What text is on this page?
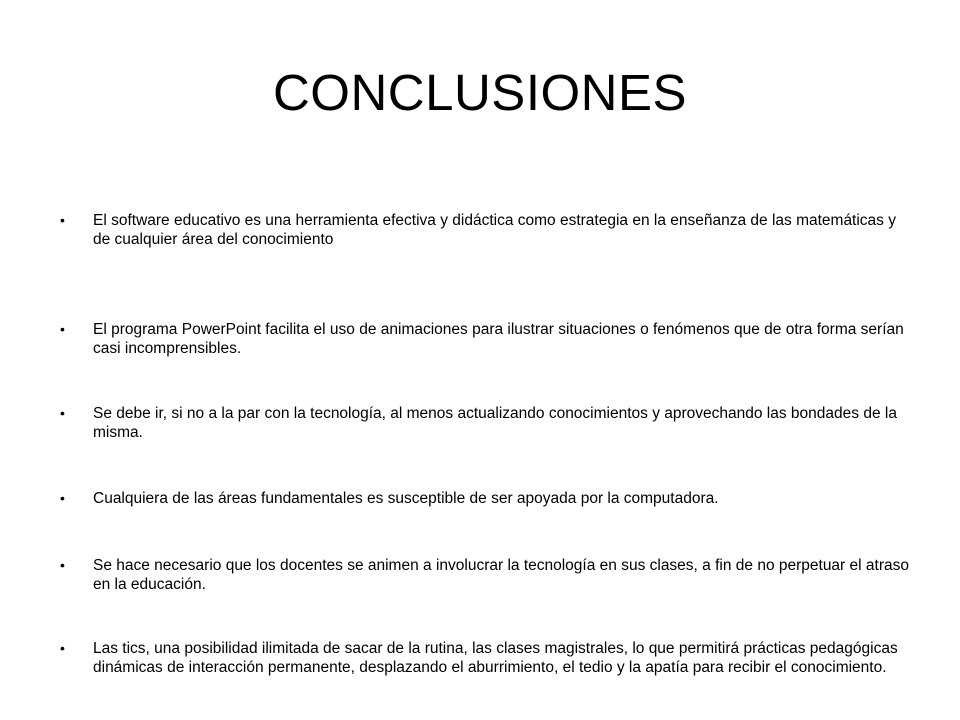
CONCLUSIONES
•	El software educativo es una herramienta efectiva y didáctica como estrategia en la enseñanza de las matemáticas y de cualquier área del conocimiento
•	El programa PowerPoint facilita el uso de animaciones para ilustrar situaciones o fenómenos que de otra forma serían casi incomprensibles.
•	Se debe ir, si no a la par con la tecnología, al menos actualizando conocimientos y aprovechando las bondades de la misma.
•	Cualquiera de las áreas fundamentales es susceptible de ser apoyada por la computadora.
•	Se hace necesario que los docentes se animen a involucrar la tecnología en sus clases, a fin de no perpetuar el atraso en la educación.
•	Las tics, una posibilidad ilimitada de sacar de la rutina, las clases magistrales, lo que permitirá prácticas pedagógicas dinámicas de interacción permanente, desplazando el aburrimiento, el tedio y la apatía para recibir el conocimiento.
